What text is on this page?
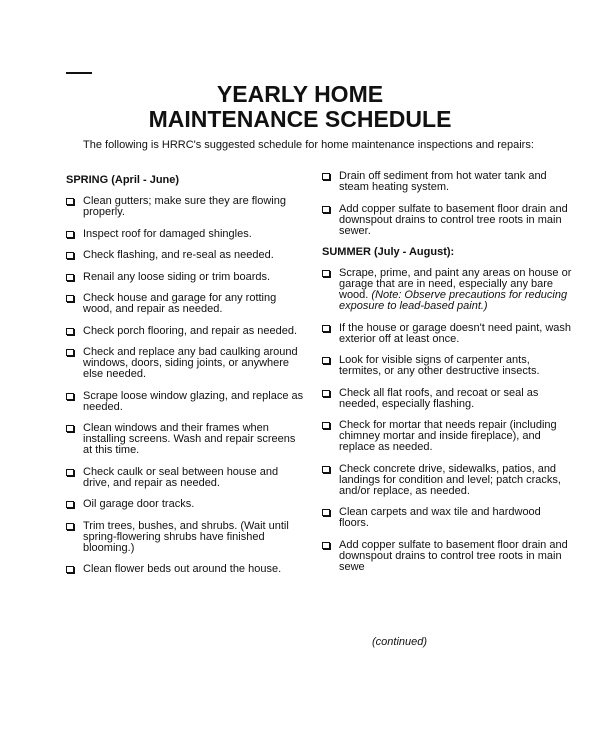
YEARLY HOME
MAINTENANCE SCHEDULE
The following is HRRC's suggested schedule for home maintenance inspections and repairs:
SPRING (April - June)
Clean gutters; make sure they are flowing properly.
Inspect roof for damaged shingles.
Check flashing, and re-seal as needed.
Renail any loose siding or trim boards.
Check house and garage for any rotting wood, and repair as needed.
Check porch flooring, and repair as needed.
Check and replace any bad caulking around windows, doors, siding joints, or anywhere else needed.
Scrape loose window glazing, and replace as needed.
Clean windows and their frames when installing screens. Wash and repair screens at this time.
Check caulk or seal between house and drive, and repair as needed.
Oil garage door tracks.
Trim trees, bushes, and shrubs. (Wait until spring-flowering shrubs have finished blooming.)
Clean flower beds out around the house.
Drain off sediment from hot water tank and steam heating system.
Add copper sulfate to basement floor drain and downspout drains to control tree roots in main sewer.
SUMMER (July - August):
Scrape, prime, and paint any areas on house or garage that are in need, especially any bare wood. (Note: Observe precautions for reducing exposure to lead-based paint.)
If the house or garage doesn't need paint, wash exterior off at least once.
Look for visible signs of carpenter ants, termites, or any other destructive insects.
Check all flat roofs, and recoat or seal as needed, especially flashing.
Check for mortar that needs repair (including chimney mortar and inside fireplace), and replace as needed.
Check concrete drive, sidewalks, patios, and landings for condition and level; patch cracks, and/or replace, as needed.
Clean carpets and wax tile and hardwood floors.
Add copper sulfate to basement floor drain and downspout drains to control tree roots in main sewe
(continued)
